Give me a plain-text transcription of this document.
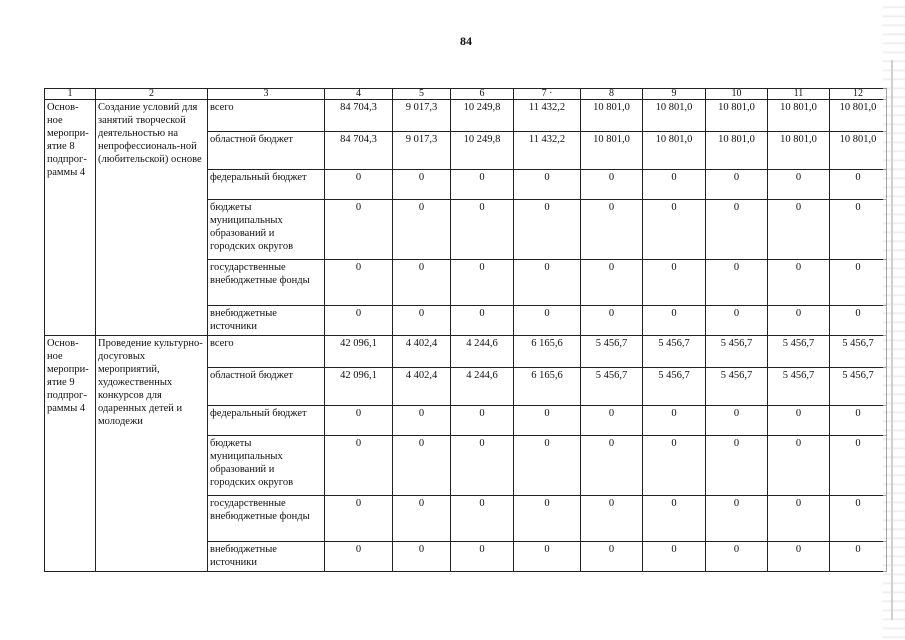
84
1	2	3	4	5	6	7 ·	8	9	10	11	12
Основ-ное меропри-ятие 8 подпрог-раммы 4	Создание условий для занятий творческой деятельностью на непрофессиональ-ной (любительской) основе	всего	84 704,3	9 017,3	10 249,8	11 432,2	10 801,0	10 801,0	10 801,0	10 801,0	10 801,0
		областной бюджет	84 704,3	9 017,3	10 249,8	11 432,2	10 801,0	10 801,0	10 801,0	10 801,0	10 801,0
		федеральный бюджет	0	0	0	0	0	0	0	0	0
		бюджеты муниципальных образований и городских округов	0	0	0	0	0	0	0	0	0
		государственные внебюджетные фонды	0	0	0	0	0	0	0	0	0
		внебюджетные источники	0	0	0	0	0	0	0	0	0
Основ-ное меропри-ятие 9 подпрог-раммы 4	Проведение культурно-досуговых мероприятий, художественных конкурсов для одаренных детей и молодежи	всего	42 096,1	4 402,4	4 244,6	6 165,6	5 456,7	5 456,7	5 456,7	5 456,7	5 456,7
		областной бюджет	42 096,1	4 402,4	4 244,6	6 165,6	5 456,7	5 456,7	5 456,7	5 456,7	5 456,7
		федеральный бюджет	0	0	0	0	0	0	0	0	0
		бюджеты муниципальных образований и городских округов	0	0	0	0	0	0	0	0	0
		государственные внебюджетные фонды	0	0	0	0	0	0	0	0	0
		внебюджетные источники	0	0	0	0	0	0	0	0	0
